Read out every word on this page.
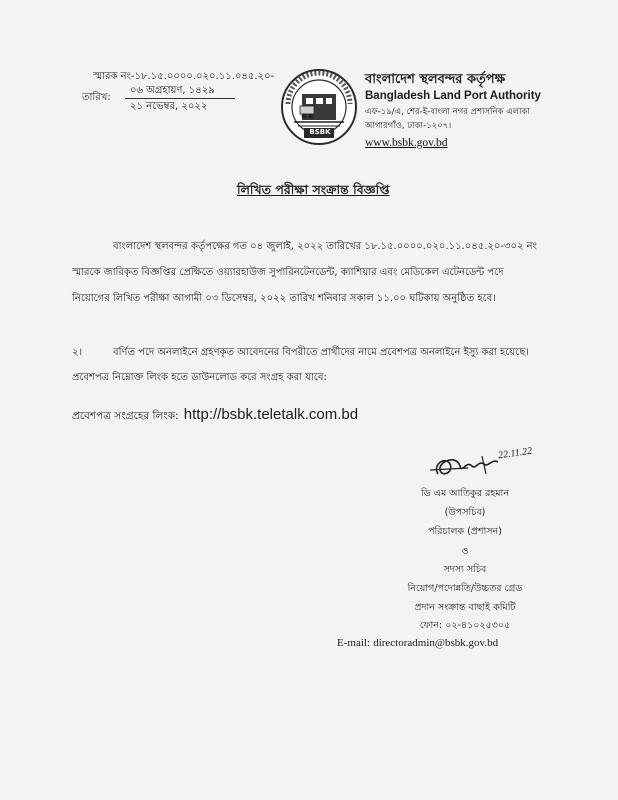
স্মারক নং-১৮.১৫.০০০০.০২০.১১.০৪৫.২০-
০৬ অগ্রহায়ণ, ১৪২৯
তারিখ:
২১ নভেম্বর, ২০২২
BSBK
বাংলাদেশ স্থলবন্দর কর্তৃপক্ষ
Bangladesh Land Port Authority
এফ-১৯/এ, শের-ই-বাংলা নগর প্রশাসনিক এলাকা
আগারগাঁও, ঢাকা-১২০৭।
www.bsbk.gov.bd
লিখিত পরীক্ষা সংক্রান্ত বিজ্ঞপ্তি
বাংলাদেশ স্থলবন্দর কর্তৃপক্ষের গত ০৪ জুলাই, ২০২২ তারিখের ১৮.১৫.০০০০.০২০.১১.০৪৫.২০-৩০২ নং
স্মারকে জারিকৃত বিজ্ঞপ্তির প্রেক্ষিতে ওয়্যারহাউজ সুপারিনটেনডেন্ট, ক্যাশিয়ার এবং মেডিকেল এটেনডেন্ট পদে
নিয়োগের লিখিত পরীক্ষা আগামী ০৩ ডিসেম্বর, ২০২২ তারিখ শনিবার সকাল ১১.০০ ঘটিকায় অনুষ্ঠিত হবে।
২।	বর্ণিত পদে অনলাইনে গ্রহণকৃত আবেদনের বিপরীতে প্রার্থীদের নামে প্রবেশপত্র অনলাইনে ইস্যু করা হয়েছে।
প্রবেশপত্র নিম্নোক্ত লিংক হতে ডাউনলোড করে সংগ্রহ করা যাবে:
প্রবেশপত্র সংগ্রহের লিংক: http://bsbk.teletalk.com.bd
22.11.22
ডি এম আতিকুর রহমান
(উপসচিব)
পরিচালক (প্রশাসন)
ও
সদস্য সচিব
নিয়োগ/পদোন্নতি/উচ্চতর গ্রেড
প্রদান সংক্রান্ত বাছাই কমিটি
ফোন: ০২-৪১০২৫৩০৫
E-mail: directoradmin@bsbk.gov.bd
